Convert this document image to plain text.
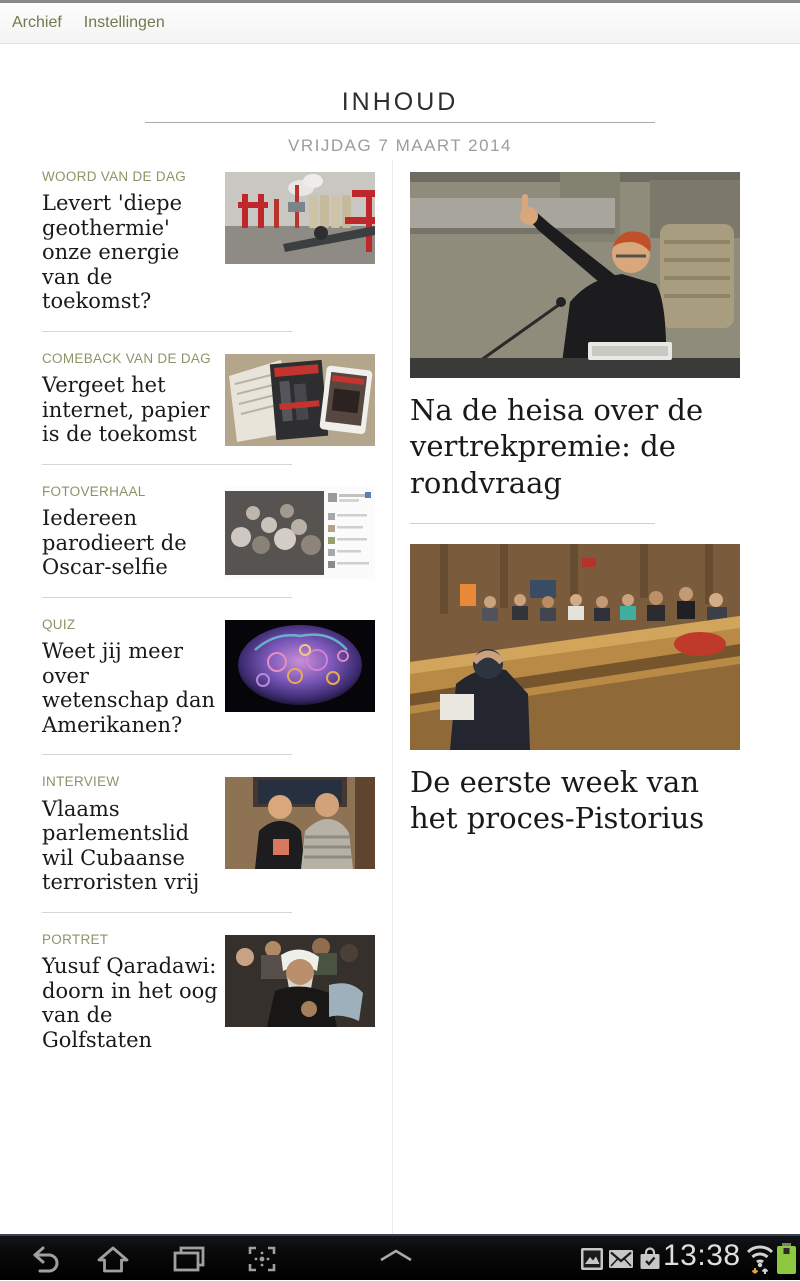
Archief Instellingen
INHOUD
VRIJDAG 7 MAART 2014
WOORD VAN DE DAG
Levert 'diepe geothermie' onze energie van de toekomst?
COMEBACK VAN DE DAG
Vergeet het internet, papier is de toekomst
FOTOVERHAAL
Iedereen parodieert de Oscar-selfie
QUIZ
Weet jij meer over wetenschap dan Amerikanen?
INTERVIEW
Vlaams parlementslid wil Cubaanse terroristen vrij
PORTRET
Yusuf Qaradawi: doorn in het oog van de Golfstaten
Na de heisa over de vertrekpremie: de rondvraag
De eerste week van het proces-Pistorius
13:38
